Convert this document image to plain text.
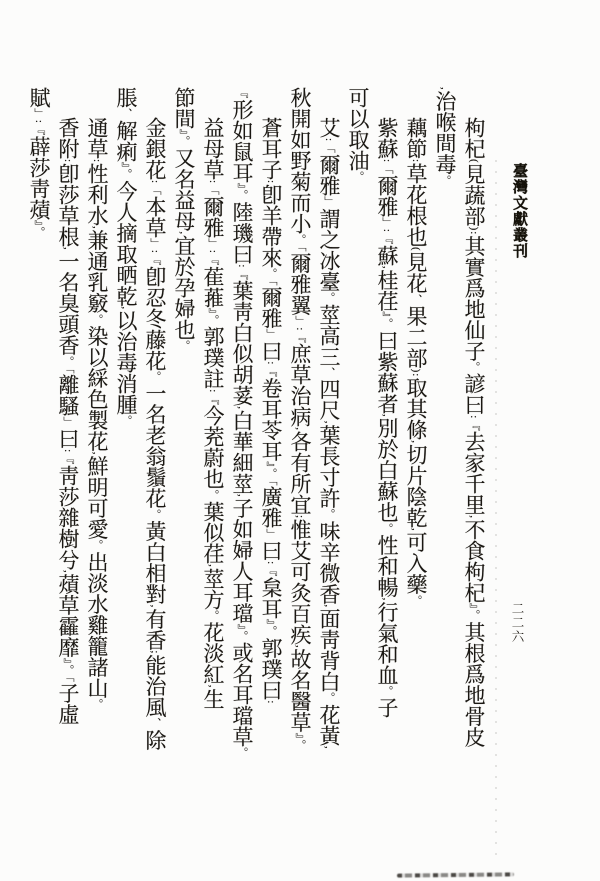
臺灣文獻叢刊
二二六
枸杞(見蔬部):其實爲地仙子。諺曰:『去家千里,不食枸杞』。其根爲地骨皮
,治喉間毒。
藕節:草花根也(見花、果二部):取其條,切片陰乾,可入藥。
紫蘇:「爾雅」:『蘇,桂荏』。曰紫蘇者,別於白蘇也。性和暢,行氣和血。子
可以取油。
艾:「爾雅」謂之冰臺。莖高三、四尺,葉長寸許。味辛微香,面靑背白。花黃,
秋開如野菊而小。「爾雅翼」:『庶草治病,各有所宜;惟艾可灸百疾,故名醫草』。
蒼耳子:卽羊帶來。「爾雅」曰:『卷耳苓耳』。「廣雅」曰:『枲耳』。郭璞曰:
『形如鼠耳』。陸璣曰:『葉靑白似胡荽,白華細莖,子如婦人耳璫』。或名耳璫草。
益母草:「爾雅」:『萑蓷』。郭璞註:『今茺蔚也。葉似荏,莖方。花淡紅,生
節間』。又名益母,宜於孕婦也。
金銀花:「本草」:『卽忍冬藤花。一名老翁鬚花。黃白相對,有香;能治風、除
脹、解痢』。今人摘取晒乾,以治毒消腫。
通草:性利水,兼通乳竅。染以綵色製花,鮮明可愛。出淡水雞籠諸山。
香附:卽莎草根,一名臭頭香。「離騷」曰:『靑莎雜樹兮,薠草靃靡』。「子虛
賦」:『薜莎靑薠』。
